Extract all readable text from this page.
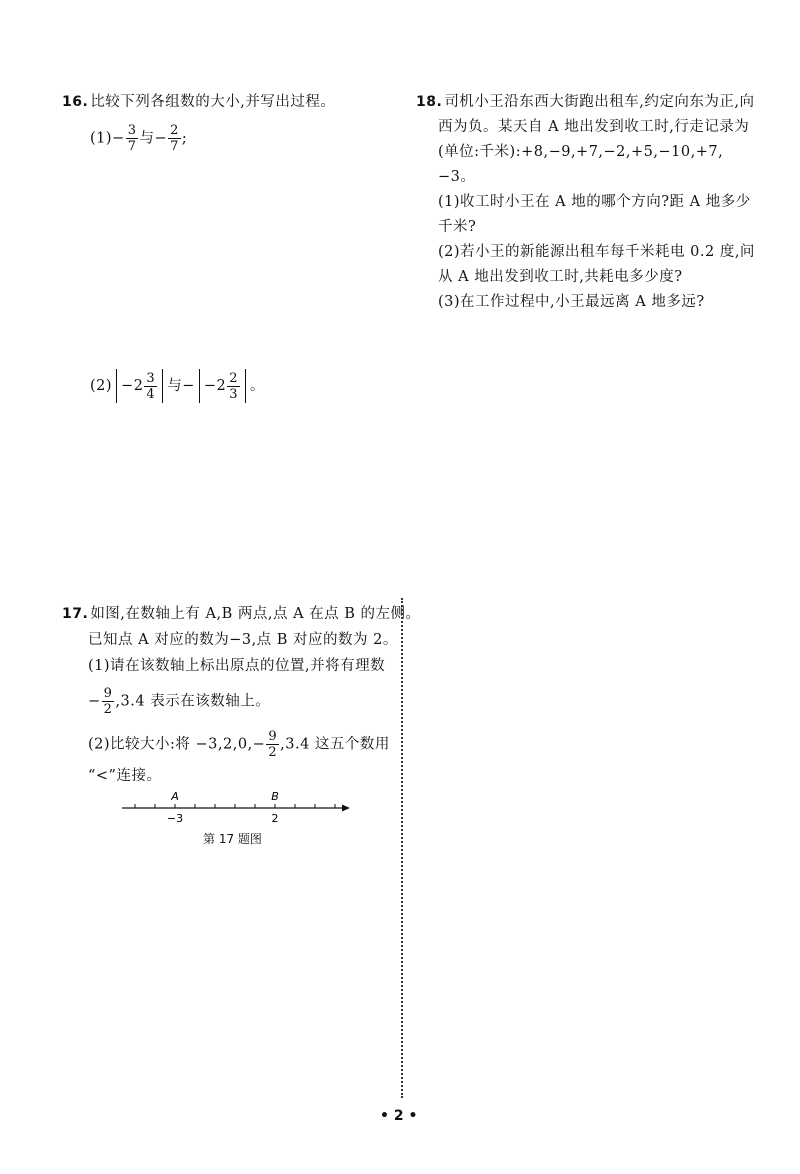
16. 比较下列各组数的大小,并写出过程。
$(1)- \frac{3}{7}$ 与− $\frac{2}{7}$ ;
$(2) -2 \frac{3}{4}$ 与− $-2 \frac{2}{3}$ 。
18. 司机小王沿东西大街跑出租车,约定向东为正,向
西为负。某天自 A 地出发到收工时,行走记录为
(单位:千米):+8,−9,+7,−2,+5,−10,+7,
−3。
(1)收工时小王在 A 地的哪个方向?距 A 地多少
千米?
(2)若小王的新能源出租车每千米耗电 0.2 度,问
从 A 地出发到收工时,共耗电多少度?
(3)在工作过程中,小王最远离 A 地多远?
17. 如图,在数轴上有 A,B 两点,点 A 在点 B 的左侧。
已知点 A 对应的数为−3,点 B 对应的数为 2。
(1)请在该数轴上标出原点的位置,并将有理数
− $\frac{9}{2} ,3.4$ 表示在该数轴上。
(2)比较大小:将 $-3,2,0,- \frac{9}{2} ,3.4$ 这五个数用
“<”连接。
A
−3
B
2
第 17 题图
• 2 •
